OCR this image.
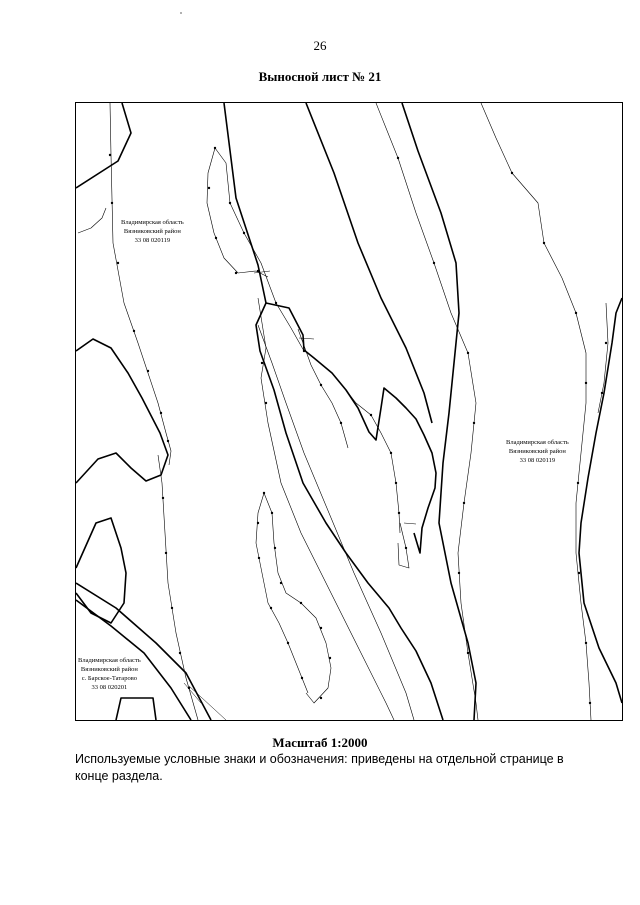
26
Выносной лист № 21
Владимирская область
Вязниковский район
33 08 020119
Владимирская область
Вязниковский район
33 08 020119
Владимирская область
Вязниковский район
с. Барское-Татарово
33 08 020201
Масштаб 1:2000
Используемые условные знаки и обозначения: приведены на отдельной странице в конце раздела.
